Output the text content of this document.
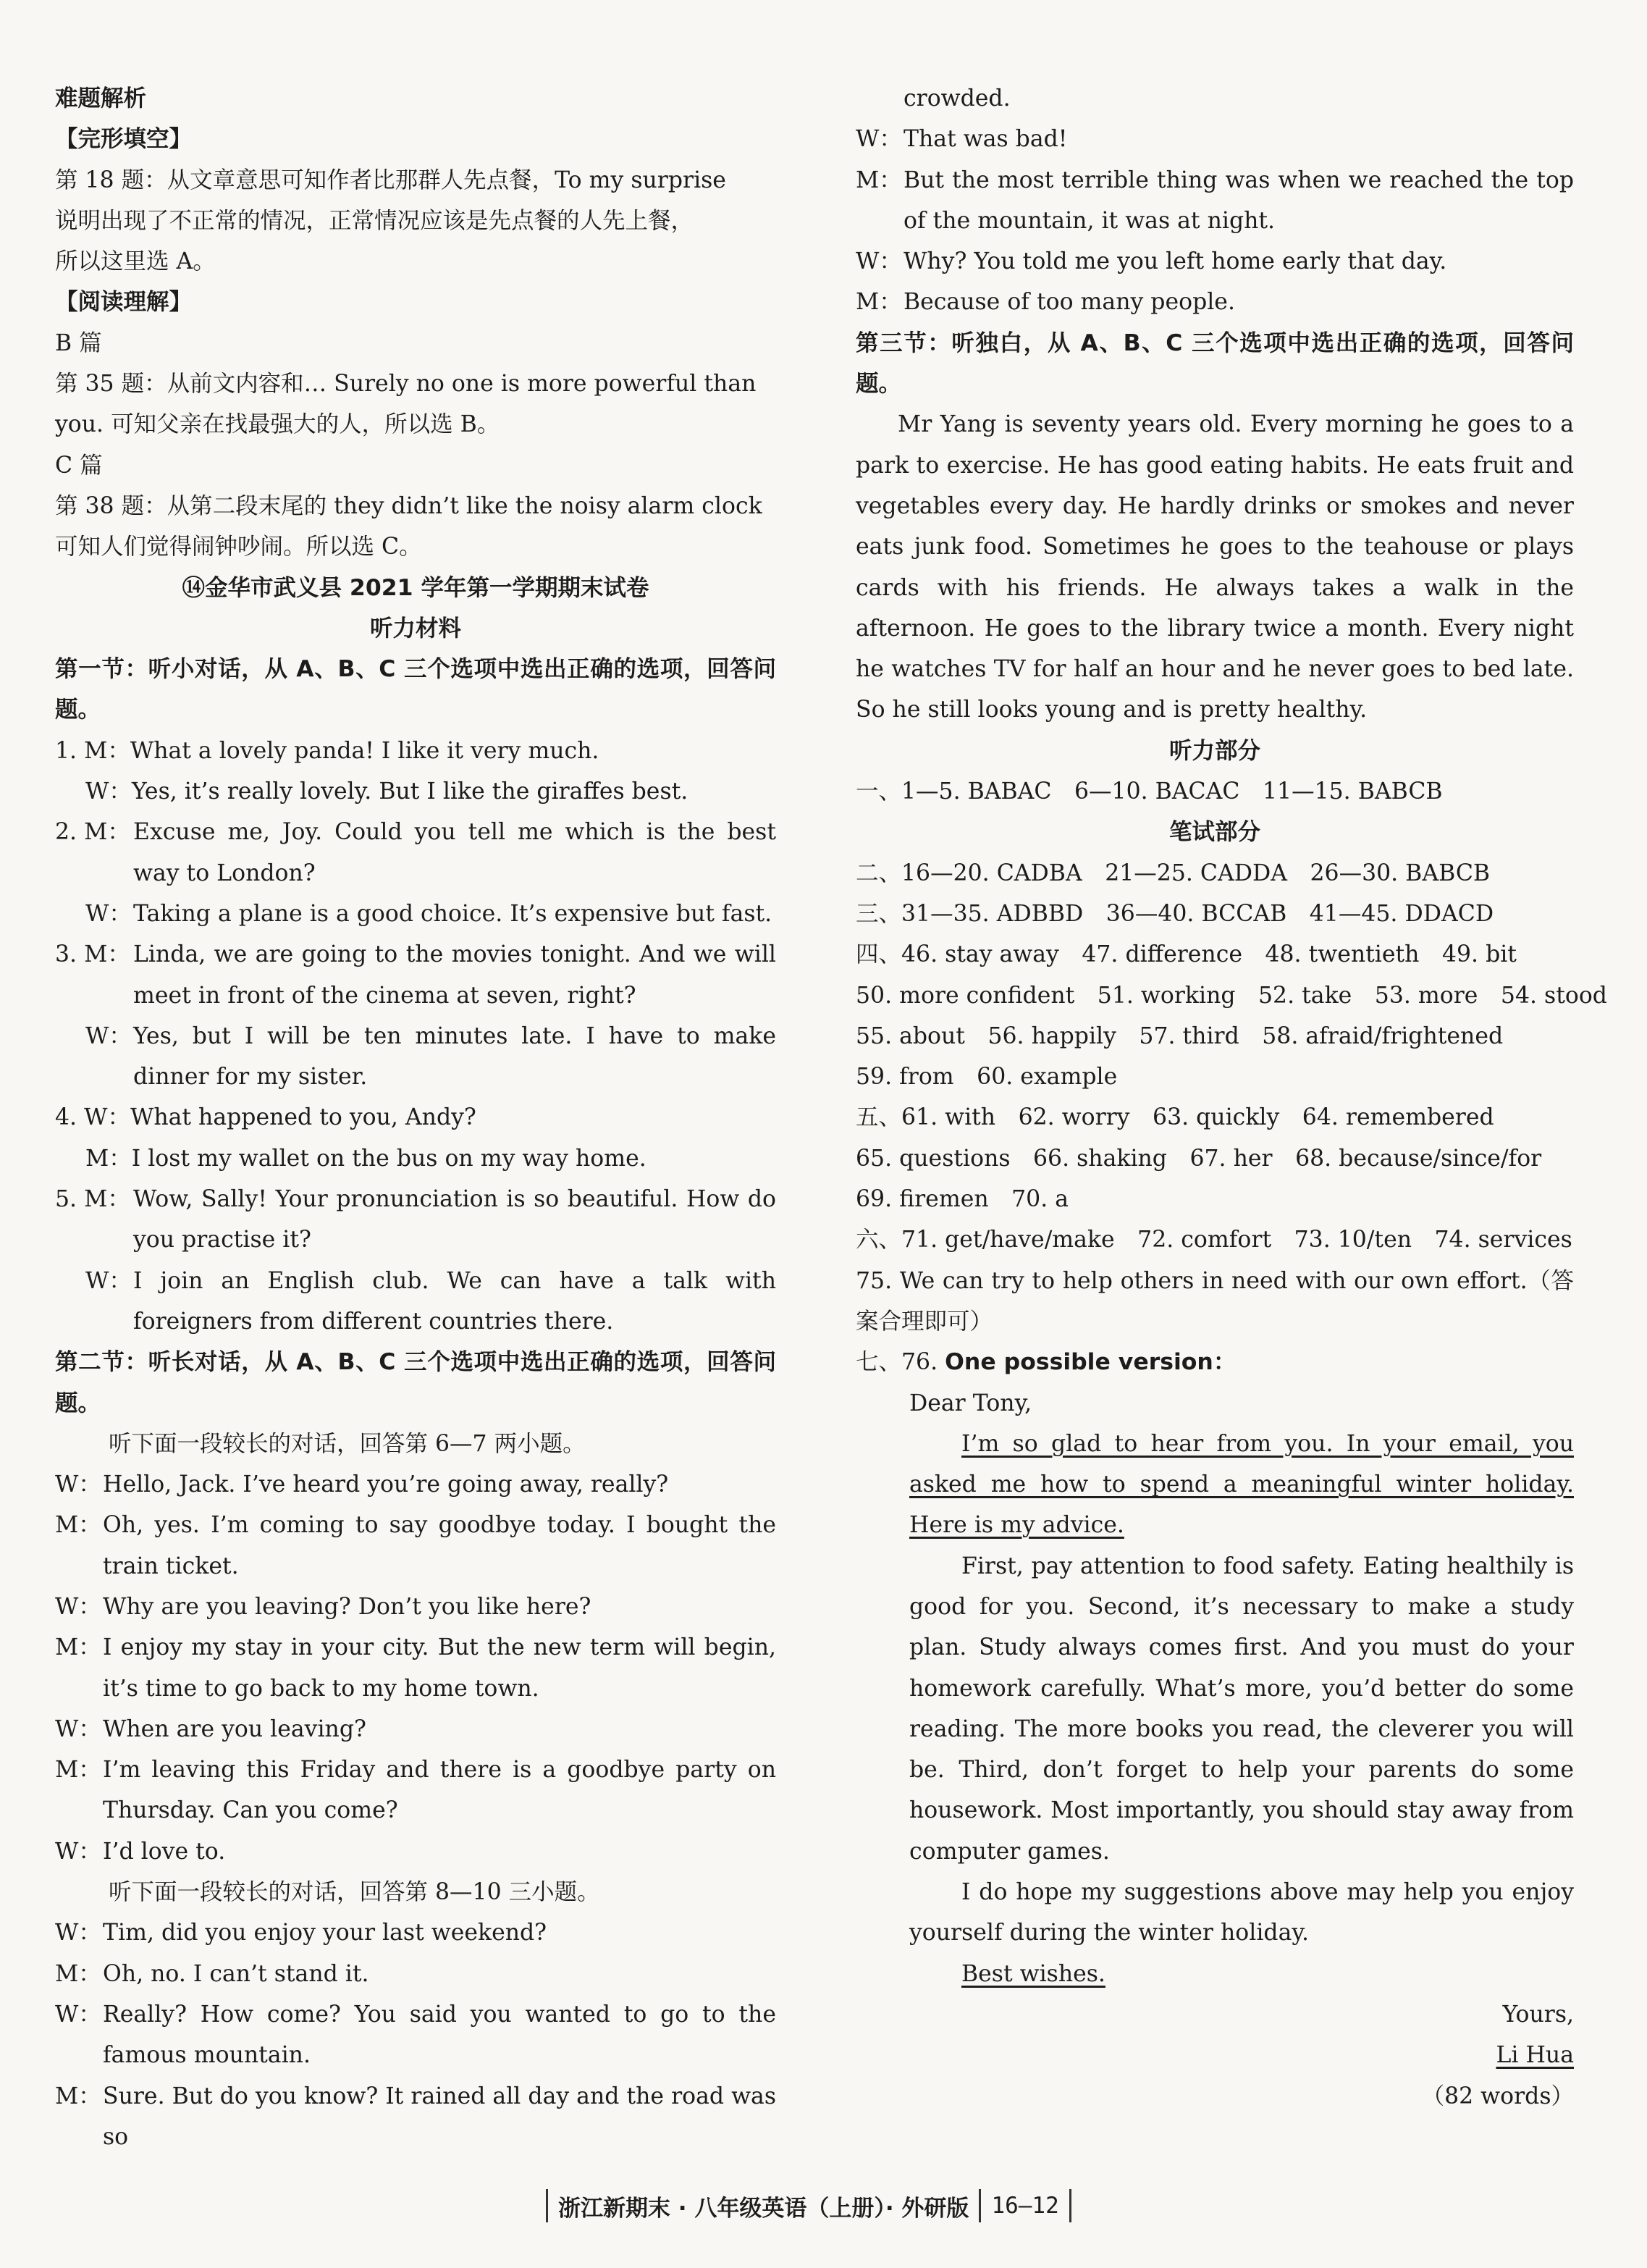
难题解析

【完形填空】

第 18 题：从文章意思可知作者比那群人先点餐，To my surprise

说明出现了不正常的情况，正常情况应该是先点餐的人先上餐，

所以这里选 A。

【阅读理解】

B 篇

第 35 题：从前文内容和… Surely no one is more powerful than

you. 可知父亲在找最强大的人，所以选 B。

C 篇

第 38 题：从第二段末尾的 they didn’t like the noisy alarm clock

可知人们觉得闹钟吵闹。所以选 C。

⑭金华市武义县 2021 学年第一学期期末试卷

听力材料

第一节：听小对话，从 A、B、C 三个选项中选出正确的选项，回答问题。

1. M：What a lovely panda! I like it very much.

W：Yes, it’s really lovely. But I like the giraffes best.

2. M： Excuse me, Joy. Could you tell me which is the best way to London?
W： Taking a plane is a good choice. It’s expensive but fast.
3. M： Linda, we are going to the movies tonight. And we will meet in front of the cinema at seven, right?
W： Yes, but I will be ten minutes late. I have to make dinner for my sister.

4. W：What happened to you, Andy?

M：I lost my wallet on the bus on my way home.

5. M： Wow, Sally! Your pronunciation is so beautiful. How do you practise it?
W： I join an English club. We can have a talk with foreigners from different countries there.

第二节：听长对话，从 A、B、C 三个选项中选出正确的选项，回答问题。

听下面一段较长的对话，回答第 6—7 两小题。

W： Hello, Jack. I’ve heard you’re going away, really?
M： Oh, yes. I’m coming to say goodbye today. I bought the train ticket.
W： Why are you leaving? Don’t you like here?
M： I enjoy my stay in your city. But the new term will begin, it’s time to go back to my home town.
W： When are you leaving?
M： I’m leaving this Friday and there is a goodbye party on Thursday. Can you come?
W： I’d love to.

听下面一段较长的对话，回答第 8—10 三小题。

W： Tim, did you enjoy your last weekend?
M： Oh, no. I can’t stand it.
W： Really? How come? You said you wanted to go to the famous mountain.
M： Sure. But do you know? It rained all day and the road was so

crowded.

W： That was bad!
M： But the most terrible thing was when we reached the top of the mountain, it was at night.
W： Why? You told me you left home early that day.
M： Because of too many people.

第三节：听独白，从 A、B、C 三个选项中选出正确的选项，回答问题。

Mr Yang is seventy years old. Every morning he goes to a park to exercise. He has good eating habits. He eats fruit and vegetables every day. He hardly drinks or smokes and never eats junk food. Sometimes he goes to the teahouse or plays cards with his friends. He always takes a walk in the afternoon. He goes to the library twice a month. Every night he watches TV for half an hour and he never goes to bed late. So he still looks young and is pretty healthy.

听力部分

一、1—5. BABAC　6—10. BACAC　11—15. BABCB

笔试部分

二、16—20. CADBA　21—25. CADDA　26—30. BABCB

三、31—35. ADBBD　36—40. BCCAB　41—45. DDACD

四、46. stay away　47. difference　48. twentieth　49. bit

50. more confident　51. working　52. take　53. more　54. stood

55. about　56. happily　57. third　58. afraid/frightened

59. from　60. example

五、61. with　62. worry　63. quickly　64. remembered

65. questions　66. shaking　67. her　68. because/since/for

69. firemen　70. a

六、71. get/have/make　72. comfort　73. 10/ten　74. services

75. We can try to help others in need with our own effort.（答案合理即可）

七、76. One possible version：

Dear Tony,

I’m so glad to hear from you. In your email, you asked me how to spend a meaningful winter holiday. Here is my advice.

First, pay attention to food safety. Eating healthily is good for you. Second, it’s necessary to make a study plan. Study always comes first. And you must do your homework carefully. What’s more, you’d better do some reading. The more books you read, the cleverer you will be. Third, don’t forget to help your parents do some housework. Most importantly, you should stay away from computer games.

I do hope my suggestions above may help you enjoy yourself during the winter holiday.

Best wishes.

Yours,

Li Hua

（82 words）

浙江新期末 · 八年级英语（上册）· 外研版 16—12
